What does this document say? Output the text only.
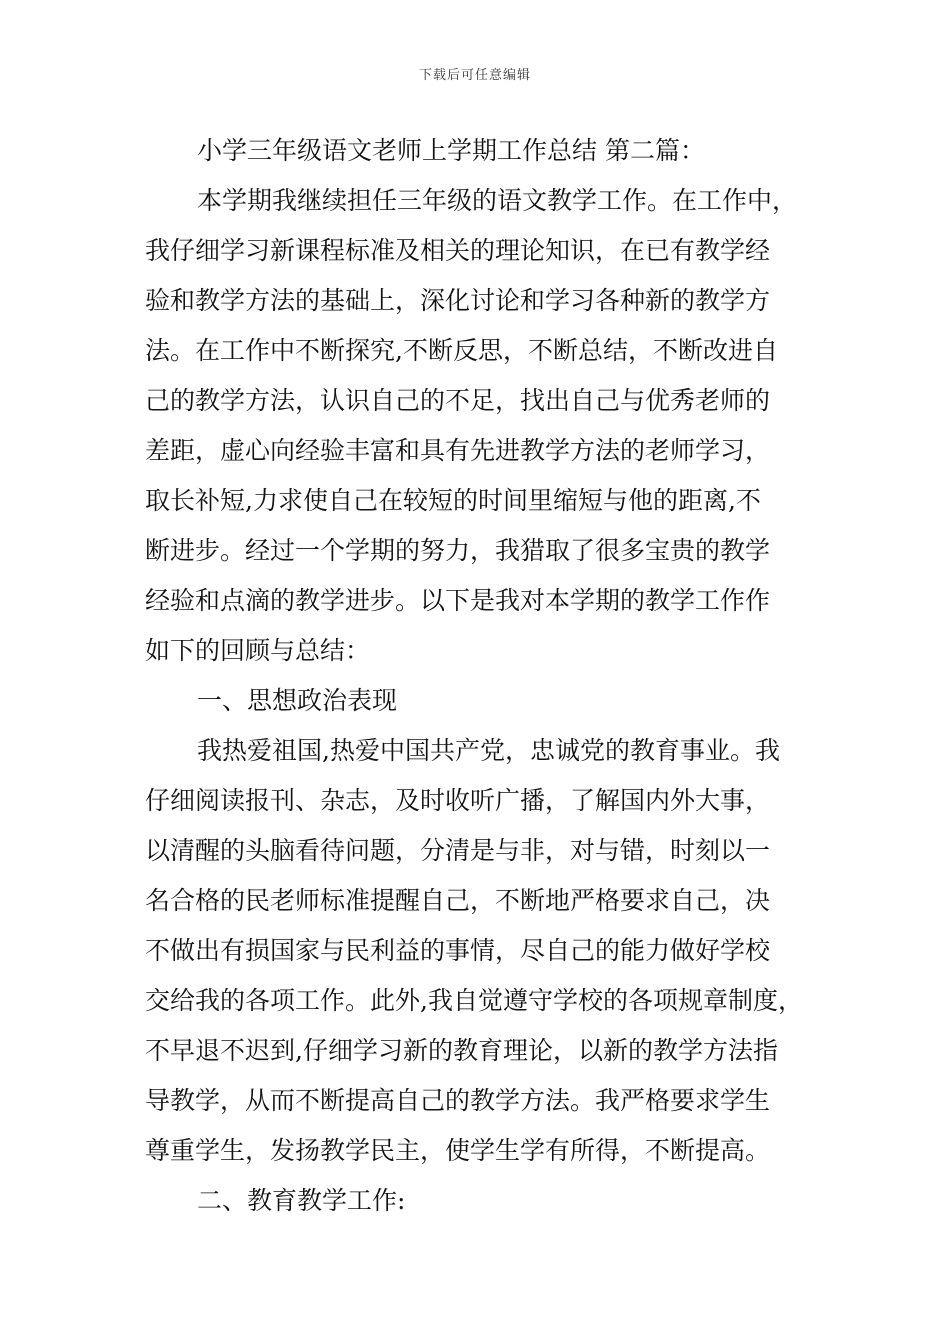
下载后可任意编辑
小学三年级语文老师上学期工作总结 第二篇：
本学期我继续担任三年级的语文教学工作。在工作中，
我仔细学习新课程标准及相关的理论知识，在已有教学经
验和教学方法的基础上，深化讨论和学习各种新的教学方
法。在工作中不断探究,不断反思，不断总结，不断改进自
己的教学方法，认识自己的不足，找出自己与优秀老师的
差距，虚心向经验丰富和具有先进教学方法的老师学习，
取长补短,力求使自己在较短的时间里缩短与他的距离,不
断进步。经过一个学期的努力，我猎取了很多宝贵的教学
经验和点滴的教学进步。以下是我对本学期的教学工作作
如下的回顾与总结：
一、思想政治表现
我热爱祖国,热爱中国共产党，忠诚党的教育事业。我
仔细阅读报刊、杂志，及时收听广播，了解国内外大事，
以清醒的头脑看待问题，分清是与非，对与错，时刻以一
名合格的民老师标准提醒自己，不断地严格要求自己，决
不做出有损国家与民利益的事情，尽自己的能力做好学校
交给我的各项工作。此外,我自觉遵守学校的各项规章制度，
不早退不迟到,仔细学习新的教育理论，以新的教学方法指
导教学，从而不断提高自己的教学方法。我严格要求学生
尊重学生，发扬教学民主，使学生学有所得，不断提高。
二、教育教学工作:
